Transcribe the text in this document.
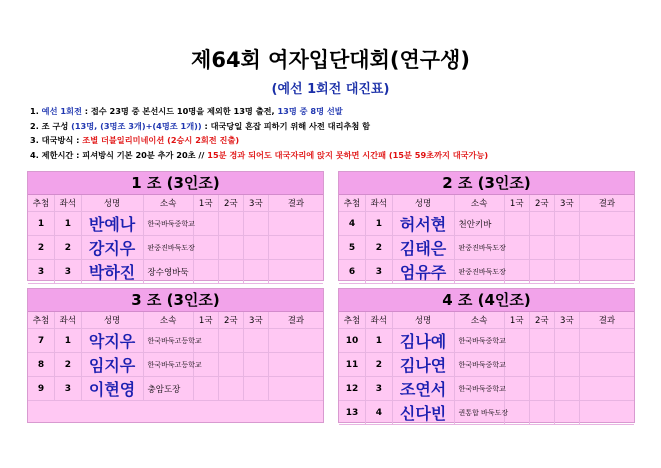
제64회 여자입단대회(연구생)
(예선 1회전 대진표)
1. 예선 1회전 : 접수 23명 중 본선시드 10명을 제외한 13명 출전, 13명 중 8명 선발
2. 조 구성 (13명, (3명조 3개)+(4명조 1개)) : 대국당일 혼잡 피하기 위해 사전 대리추첨 함
3. 대국방식 : 조별 더블일리미네이션 (2승시 2회전 진출)
4. 제한시간 : 피셔방식 기본 20분 추가 20초 // 15분 경과 되어도 대국자리에 앉지 못하면 시간패 (15분 59초까지 대국가능)
1 조 (3인조)
추첨	좌석	성명	소속	1국	2국	3국	결과
1	1	반예나	한국바둑중학교				
2	2	강지우	판중진바둑도장				
3	3	박하진	장수영바둑				
2 조 (3인조)
추첨	좌석	성명	소속	1국	2국	3국	결과
4	1	허서현	천안키바				
5	2	김태은	판중진바둑도장				
6	3	엄유주	판중진바둑도장				
3 조 (3인조)
추첨	좌석	성명	소속	1국	2국	3국	결과
7	1	악지우	한국바둑고등학교				
8	2	임지우	한국바둑고등학교				
9	3	이현영	충암도장				
4 조 (4인조)
추첨	좌석	성명	소속	1국	2국	3국	결과
10	1	김나예	한국바둑중학교				
11	2	김나연	한국바둑중학교				
12	3	조연서	한국바둑중학교				
13	4	신다빈	퀸통합 바둑도장				
